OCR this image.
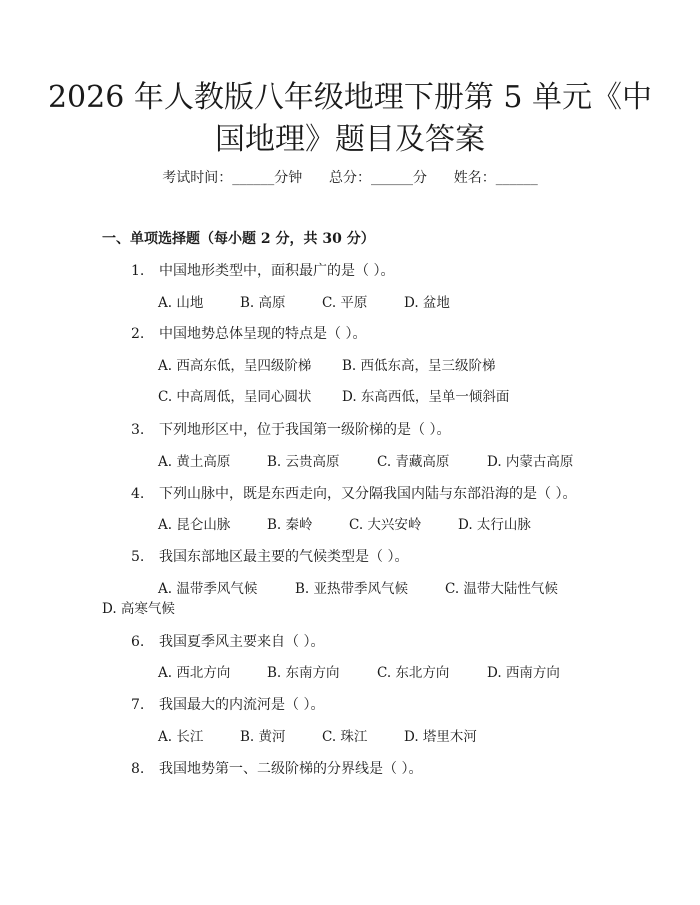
2026 年人教版八年级地理下册第 5 单元《中
国地理》题目及答案
考试时间：______分钟      总分：______分      姓名：______
一、单项选择题（每小题 2 分，共 30 分）
1. 中国地形类型中，面积最广的是（ ）。
A. 山地	B. 高原	C. 平原	D. 盆地
2. 中国地势总体呈现的特点是（ ）。
A. 西高东低，呈四级阶梯 B. 西低东高，呈三级阶梯
C. 中高周低，呈同心圆状 D. 东高西低，呈单一倾斜面
3. 下列地形区中，位于我国第一级阶梯的是（ ）。
A. 黄土高原	B. 云贵高原	C. 青藏高原	D. 内蒙古高原
4. 下列山脉中，既是东西走向，又分隔我国内陆与东部沿海的是（ ）。
A. 昆仑山脉	B. 秦岭	C. 大兴安岭	D. 太行山脉
5. 我国东部地区最主要的气候类型是（ ）。
A. 温带季风气候	B. 亚热带季风气候	C. 温带大陆性气候
D. 高寒气候
6. 我国夏季风主要来自（ ）。
A. 西北方向	B. 东南方向	C. 东北方向	D. 西南方向
7. 我国最大的内流河是（ ）。
A. 长江	B. 黄河	C. 珠江	D. 塔里木河
8. 我国地势第一、二级阶梯的分界线是（ ）。
